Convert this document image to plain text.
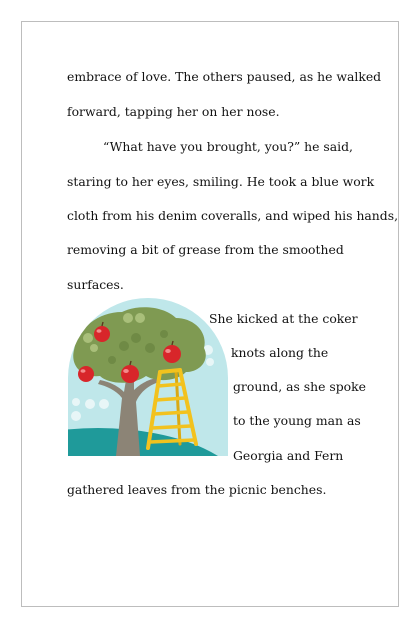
embrace of love. The others paused, as he walked
forward, tapping her on her nose.
“What have you brought, you?” he said,
staring to her eyes, smiling. He took a blue work
cloth from his denim coveralls, and wiped his hands,
removing a bit of grease from the smoothed
surfaces.
She kicked at the coker
knots along the
ground, as she spoke
to the young man as
Georgia and Fern
gathered leaves from the picnic benches.
